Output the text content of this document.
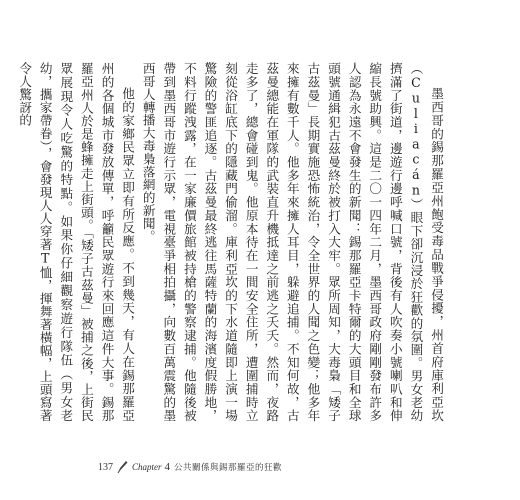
墨西哥的錫那羅亞州飽受毒品戰爭侵擾，州首府庫利亞坎（Culiacán）眼下卻沉浸於狂歡的氛圍。男女老幼擠滿了街道，邊遊行邊呼喊口號，背後有人吹奏小號喇叭和伸縮長號助興。這是二〇一四年二月，墨西哥政府剛剛發布許多人認為永遠不會發生的新聞：錫那羅亞卡特爾的大頭目和全球頭號通緝犯古茲曼終於被打入大牢。眾所周知，大毒梟「矮子古茲曼」長期實施恐怖統治，令全世界的人聞之色變；他多年來擁有數千人。他多年來擁人耳目，躲避追捕。不知何故，古茲曼總能在軍隊的武裝直升機抵達之前逃之夭夭。然而，夜路走多了，總會碰到鬼。他原本待在一間安全住所，遭圍捕時立刻從浴缸底下的隱藏門偷溜。庫利亞坎的下水道隨即上演一場驚險的警匪追逐。古茲曼最終逃往馬薩特蘭的海濱度假勝地，不料行蹤洩露，在一家廉價旅館被持槍的警察逮捕。他隨後被帶到墨西哥市遊行示眾，電視臺爭相拍攝，向數百萬震驚的墨西哥人轉播大毒梟落網的新聞。

他的家鄉民眾立即有所反應。不到幾天，有人在錫那羅亞州的各個城市發放傳單，呼籲民眾遊行來回應這件大事。錫那羅亞州人於是蜂擁走上街頭。「矮子古茲曼」被捕之後，上街民眾展現令人吃驚的特點。如果你仔細觀察遊行隊伍（男女老幼，攜家帶眷），會發現人人穿著T恤，揮舞著橫幅，上頭寫著令人驚訝的

137 Chapter 4 公共關係與錫那羅亞的狂歡
